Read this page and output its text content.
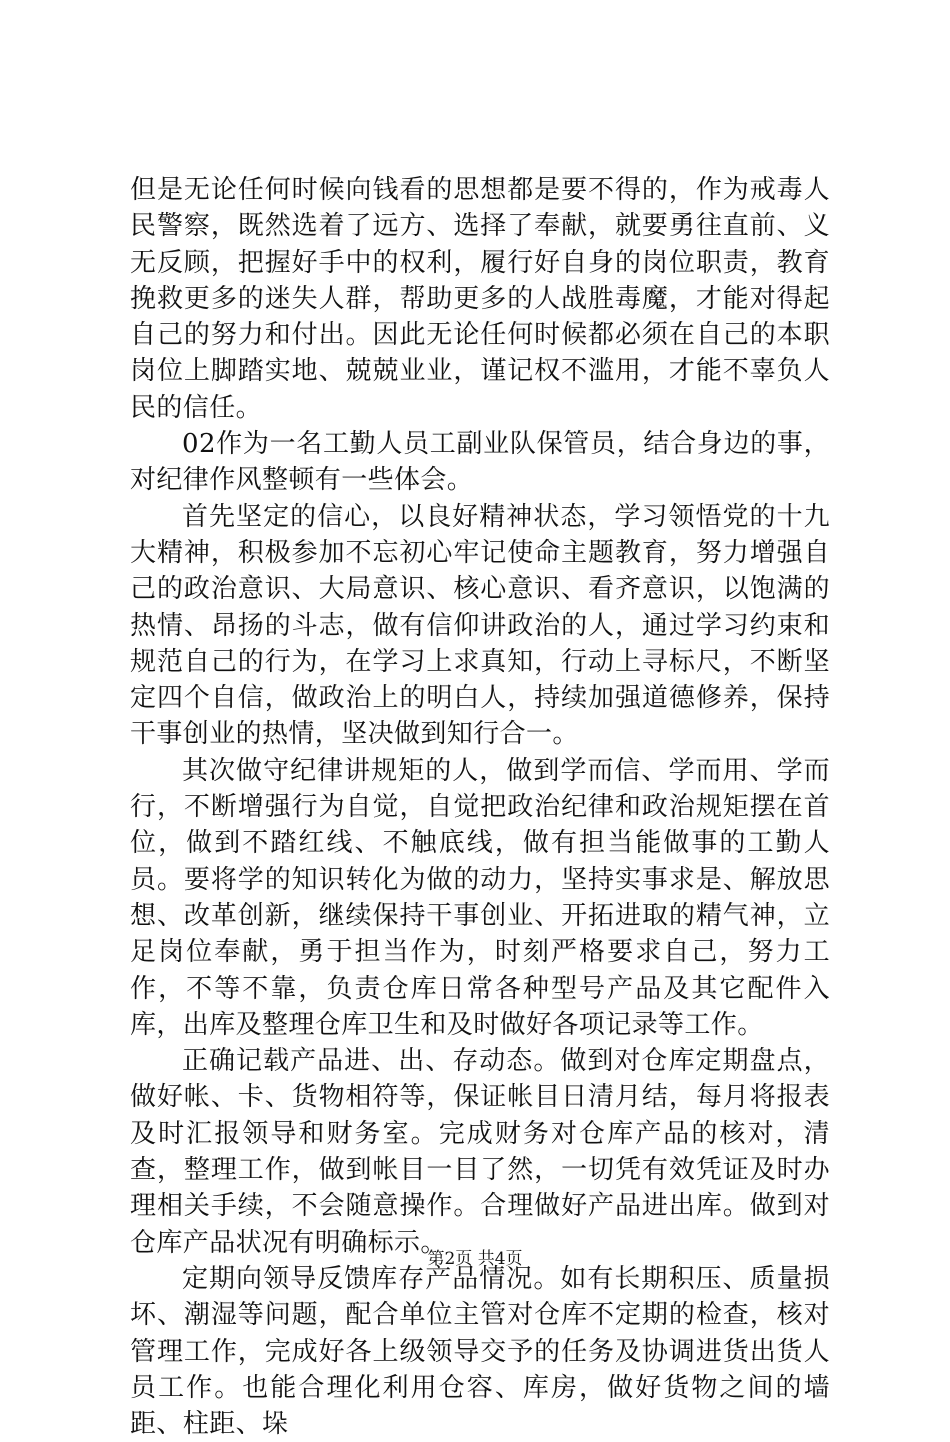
但是无论任何时候向钱看的思想都是要不得的，作为戒毒人民警察，既然选着了远方、选择了奉献，就要勇往直前、义无反顾，把握好手中的权利，履行好自身的岗位职责，教育挽救更多的迷失人群，帮助更多的人战胜毒魔，才能对得起自己的努力和付出。因此无论任何时候都必须在自己的本职岗位上脚踏实地、兢兢业业，谨记权不滥用，才能不辜负人民的信任。

02作为一名工勤人员工副业队保管员，结合身边的事，对纪律作风整顿有一些体会。

首先坚定的信心，以良好精神状态，学习领悟党的十九大精神，积极参加不忘初心牢记使命主题教育，努力增强自己的政治意识、大局意识、核心意识、看齐意识，以饱满的热情、昂扬的斗志，做有信仰讲政治的人，通过学习约束和规范自己的行为，在学习上求真知，行动上寻标尺，不断坚定四个自信，做政治上的明白人，持续加强道德修养，保持干事创业的热情，坚决做到知行合一。

其次做守纪律讲规矩的人，做到学而信、学而用、学而行，不断增强行为自觉，自觉把政治纪律和政治规矩摆在首位，做到不踏红线、不触底线，做有担当能做事的工勤人员。要将学的知识转化为做的动力，坚持实事求是、解放思想、改革创新，继续保持干事创业、开拓进取的精气神，立足岗位奉献，勇于担当作为，时刻严格要求自己，努力工作，不等不靠，负责仓库日常各种型号产品及其它配件入库，出库及整理仓库卫生和及时做好各项记录等工作。

正确记载产品进、出、存动态。做到对仓库定期盘点，做好帐、卡、货物相符等，保证帐目日清月结，每月将报表及时汇报领导和财务室。完成财务对仓库产品的核对，清查，整理工作，做到帐目一目了然，一切凭有效凭证及时办理相关手续，不会随意操作。合理做好产品进出库。做到对仓库产品状况有明确标示。

定期向领导反馈库存产品情况。如有长期积压、质量损坏、潮湿等问题，配合单位主管对仓库不定期的检查，核对管理工作，完成好各上级领导交予的任务及协调进货出货人员工作。也能合理化利用仓容、库房，做好货物之间的墙距、柱距、垛

第2页 共4页
